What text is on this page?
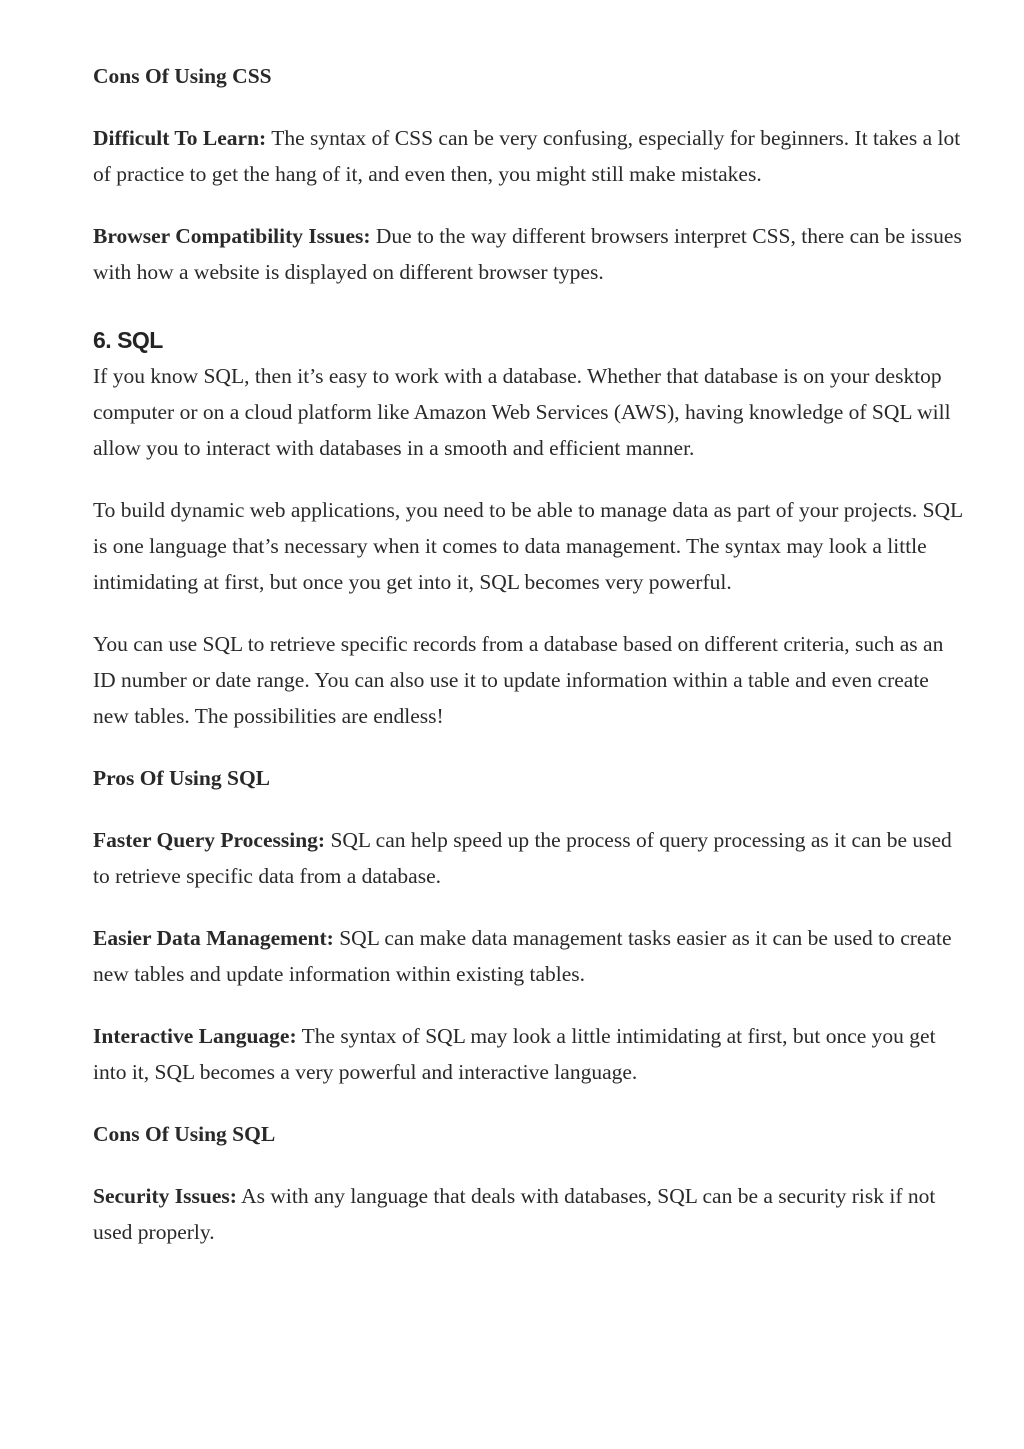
Cons Of Using CSS

Difficult To Learn: The syntax of CSS can be very confusing, especially for beginners. It takes a lot of practice to get the hang of it, and even then, you might still make mistakes.

Browser Compatibility Issues: Due to the way different browsers interpret CSS, there can be issues with how a website is displayed on different browser types.

6. SQL

If you know SQL, then it’s easy to work with a database. Whether that database is on your desktop computer or on a cloud platform like Amazon Web Services (AWS), having knowledge of SQL will allow you to interact with databases in a smooth and efficient manner.

To build dynamic web applications, you need to be able to manage data as part of your projects. SQL is one language that’s necessary when it comes to data management. The syntax may look a little intimidating at first, but once you get into it, SQL becomes very powerful.

You can use SQL to retrieve specific records from a database based on different criteria, such as an ID number or date range. You can also use it to update information within a table and even create new tables. The possibilities are endless!

Pros Of Using SQL

Faster Query Processing: SQL can help speed up the process of query processing as it can be used to retrieve specific data from a database.

Easier Data Management: SQL can make data management tasks easier as it can be used to create new tables and update information within existing tables.

Interactive Language: The syntax of SQL may look a little intimidating at first, but once you get into it, SQL becomes a very powerful and interactive language.

Cons Of Using SQL

Security Issues: As with any language that deals with databases, SQL can be a security risk if not used properly.
